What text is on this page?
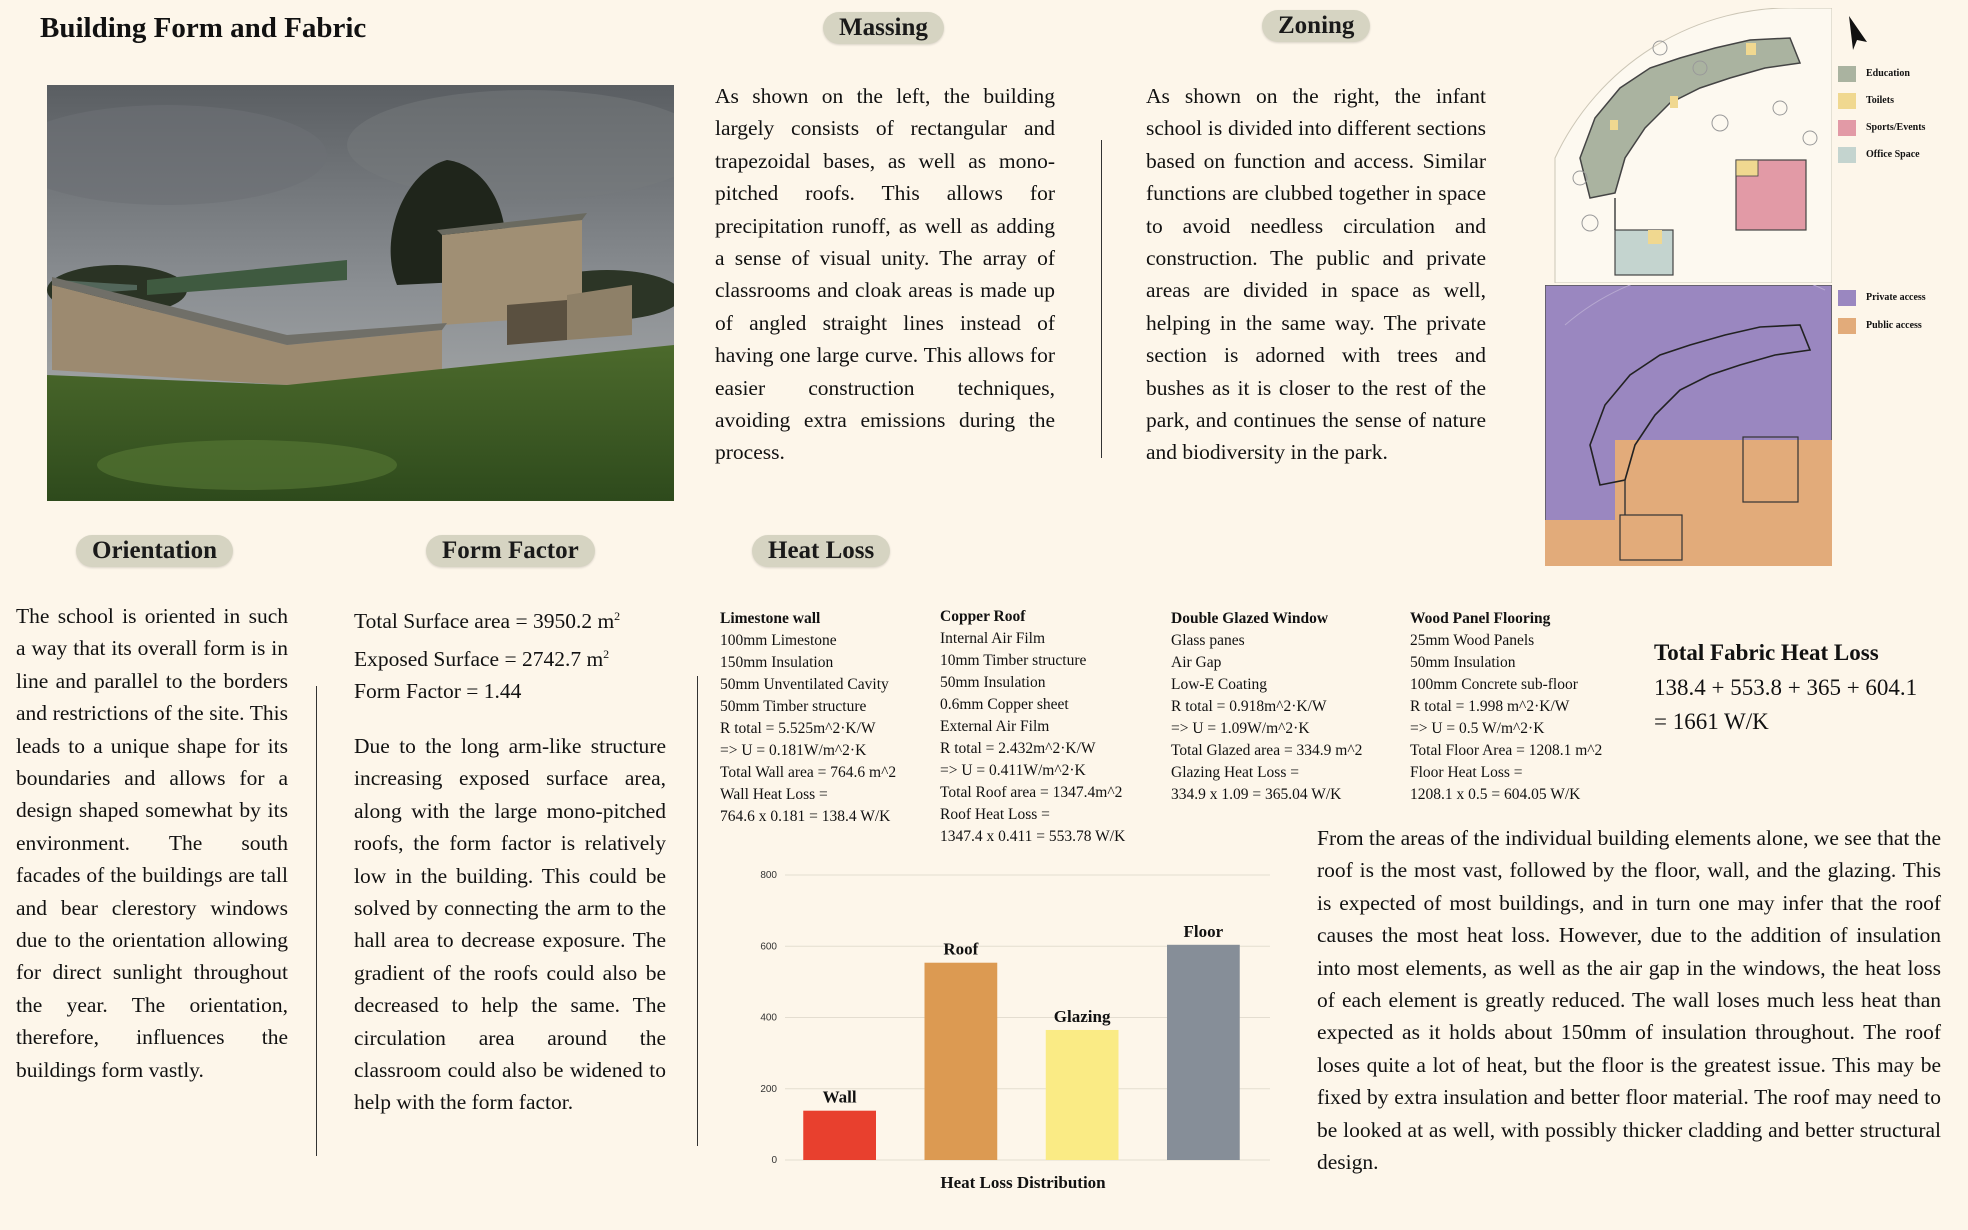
Building Form and Fabric	Massing

As shown on the left, the building largely consists of rectangular and trapezoidal bases, as well as mono-pitched roofs. This allows for precipitation runoff, as well as adding a sense of visual unity. The array of classrooms and cloak areas is made up of angled straight lines instead of having one large curve. This allows for easier construction techniques, avoiding extra emissions during the process.

Zoning

As shown on the right, the infant school is divided into different sections based on function and access. Similar functions are clubbed together in space to avoid needless circulation and construction. The public and private areas are divided in space as well, helping in the same way. The private section is adorned with trees and bushes as it is closer to the rest of the park, and continues the sense of nature and biodiversity in the park.

Education
Toilets
Sports/Events
Office Space
Private access
Public access
Orientation

The school is oriented in such a way that its overall form is in line and parallel to the borders and restrictions of the site. This leads to a unique shape for its boundaries and allows for a design shaped somewhat by its environment. The south facades of the buildings are tall and bear clerestory windows due to the orientation allowing for direct sunlight throughout the year. The orientation, therefore, influences the buildings form vastly.

Form Factor
Total Surface area = 3950.2 $m^2$
Exposed Surface = 2742.7 $m^2$
Form Factor = 1.44

Due to the long arm-like structure increasing exposed surface area, along with the large mono-pitched roofs, the form factor is relatively low in the building. This could be solved by connecting the arm to the hall area to decrease exposure. The gradient of the roofs could also be decreased to help the same. The circulation area around the classroom could also be widened to help with the form factor.

Heat Loss
Limestone wall
100mm Limestone
150mm Insulation
50mm Unventilated Cavity
50mm Timber structure
R total = 5.525m^2·K/W
=> U = 0.181W/m^2·K
Total Wall area = 764.6 m^2
Wall Heat Loss =
764.6 x 0.181 = 138.4 W/K
Copper Roof
Internal Air Film
10mm Timber structure
50mm Insulation
0.6mm Copper sheet
External Air Film
R total = 2.432m^2·K/W
=> U = 0.411W/m^2·K
Total Roof area = 1347.4m^2
Roof Heat Loss =
1347.4 x 0.411 = 553.78 W/K
Double Glazed Window
Glass panes
Air Gap
Low-E Coating
R total = 0.918m^2·K/W
=> U = 1.09W/m^2·K
Total Glazed area = 334.9 m^2
Glazing Heat Loss =
334.9 x 1.09 = 365.04 W/K
Wood Panel Flooring
25mm Wood Panels
50mm Insulation
100mm Concrete sub-floor
R total = 1.998 m^2·K/W
=> U = 0.5 W/m^2·K
Total Floor Area = 1208.1 m^2
Floor Heat Loss =
1208.1 x 0.5 = 604.05 W/K
Total Fabric Heat Loss
138.4 + 553.8 + 365 + 604.1
= 1661 W/K

From the areas of the individual building elements alone, we see that the roof is the most vast, followed by the floor, wall, and the glazing. This is expected of most buildings, and in turn one may infer that the roof causes the most heat loss. However, due to the addition of insulation into most elements, as well as the air gap in the windows, the heat loss of each element is greatly reduced. The wall loses much less heat than expected as it holds about 150mm of insulation throughout. The roof loses quite a lot of heat, but the floor is the greatest issue. This may be fixed by extra insulation and better floor material. The roof may need to be looked at as well, with possibly thicker cladding and better structural design.

0
200
400
600
800
Wall
Roof
Glazing
Floor
Heat Loss Distribution
